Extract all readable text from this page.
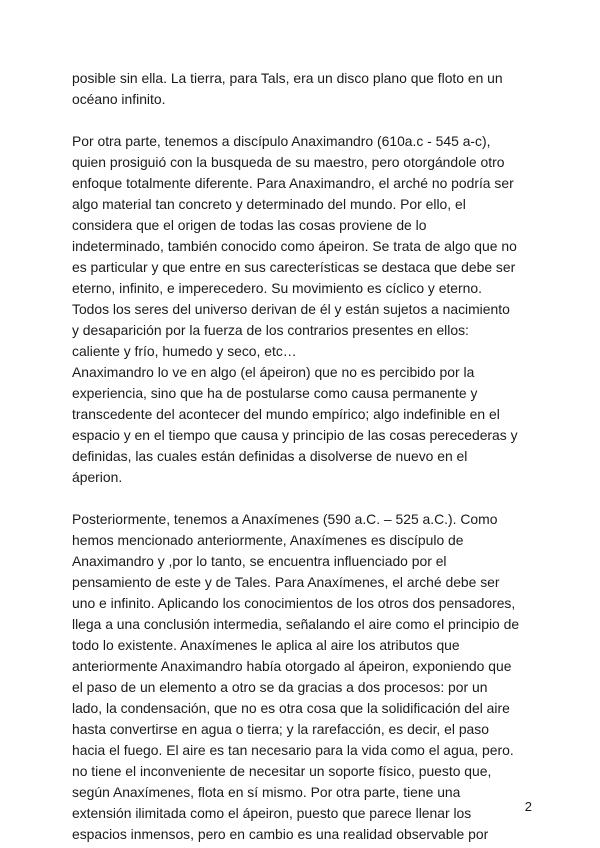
posible sin ella. La tierra, para Tals, era un disco plano que floto en un
océano infinito.
Por otra parte, tenemos a discípulo Anaximandro (610a.c - 545 a-c),
quien prosiguió con la busqueda de su maestro, pero otorgándole otro
enfoque totalmente diferente. Para Anaximandro, el arché no podría ser
algo material tan concreto y determinado del mundo. Por ello, el
considera que el origen de todas las cosas proviene de lo
indeterminado, también conocido como ápeiron. Se trata de algo que no
es particular y que entre en sus carecterísticas se destaca que debe ser
eterno, infinito, e imperecedero. Su movimiento es cíclico y eterno.
Todos los seres del universo derivan de él y están sujetos a nacimiento
y desaparición por la fuerza de los contrarios presentes en ellos:
caliente y frío, humedo y seco, etc…
Anaximandro lo ve en algo (el ápeiron) que no es percibido por la
experiencia, sino que ha de postularse como causa permanente y
transcedente del acontecer del mundo empírico; algo indefinible en el
espacio y en el tiempo que causa y principio de las cosas perecederas y
definidas, las cuales están definidas a disolverse de nuevo en el
áperion.
Posteriormente, tenemos a Anaxímenes (590 a.C. – 525 a.C.). Como
hemos mencionado anteriormente, Anaxímenes es discípulo de
Anaximandro y ,por lo tanto, se encuentra influenciado por el
pensamiento de este y de Tales. Para Anaxímenes, el arché debe ser
uno e infinito. Aplicando los conocimientos de los otros dos pensadores,
llega a una conclusión intermedia, señalando el aire como el principio de
todo lo existente. Anaxímenes le aplica al aire los atributos que
anteriormente Anaximandro había otorgado al ápeiron, exponiendo que
el paso de un elemento a otro se da gracias a dos procesos: por un
lado, la condensación, que no es otra cosa que la solidificación del aire
hasta convertirse en agua o tierra; y la rarefacción, es decir, el paso
hacia el fuego. El aire es tan necesario para la vida como el agua, pero.
no tiene el inconveniente de necesitar un soporte físico, puesto que,
según Anaxímenes, flota en sí mismo. Por otra parte, tiene una
extensión ilimitada como el ápeiron, puesto que parece llenar los
espacios inmensos, pero en cambio es una realidad observable por
2
